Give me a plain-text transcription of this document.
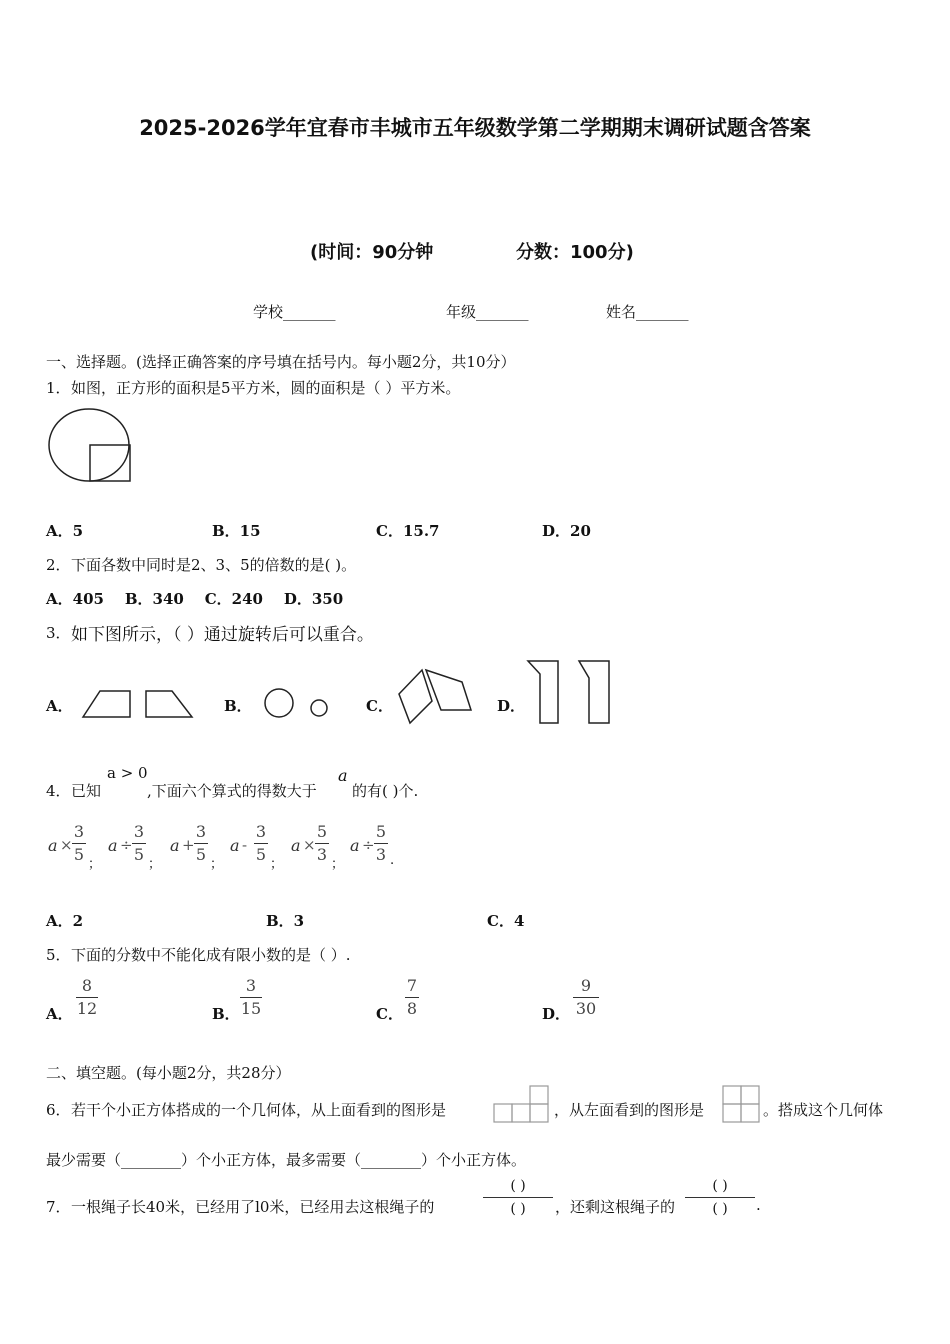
2025-2026学年宜春市丰城市五年级数学第二学期期末调研试题含答案
(时间：90分钟	分数：100分)
学校_______	年级_______	姓名_______
一、选择题。(选择正确答案的序号填在括号内。每小题2分，共10分）
1． 如图，正方形的面积是5平方米，圆的面积是（ ）平方米。
A．5	B．15	C．15.7	D．20
2． 下面各数中同时是2、3、5的倍数的是( )。
A．405    B．340    C．240    D．350
3． 如下图所示，（ ）通过旋转后可以重合。
A．	B．	C．	D．
4． 已知
a > 0
,下面六个算式的得数大于
a
的有( )个.
a ×
3
5
；
a ÷
3
5
；
a +
3
5
；
a -
3
5
；
a ×
5
3
；
a ÷
5
3 .
A．2	B．3	C．4
5． 下面的分数中不能化成有限小数的是（ ）.
A．
8
12	B．
3
15	C．
7
8	D．
9
30
二、填空题。(每小题2分，共28分）
6． 若干个小正方体搭成的一个几何体，从上面看到的图形是	，从左面看到的图形是	。搭成这个几何体
最少需要（________）个小正方体，最多需要（________）个小正方体。
7． 一根绳子长40米，已经用了l0米，已经用去这根绳子的
( )
( )	，还剩这根绳子的
( )
( )	.
